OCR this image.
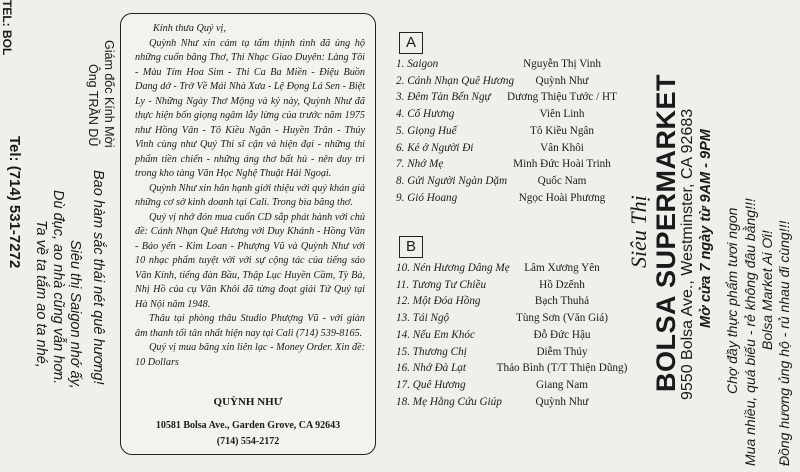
TEL: BOL
Tel: (714) 531-7272
Ta về ta tắm ao ta nhé, Dù đục, ao nhà cũng vẫn hơn. Siêu thị Saigon nhớ ấy, Bao hàm sắc thái nét quê hương!
Ông TRẦN DŨ Giám đốc Kính Mời

Kính thưa Quý vị,

Quỳnh Như xin cảm tạ tấm thịnh tình đã ủng hộ những cuốn băng Thơ, Thi Nhạc Giao Duyên: Làng Tôi - Màu Tím Hoa Sim - Thi Ca Ba Miền - Điệu Buồn Dang dở - Trở Về Mái Nhà Xưa - Lệ Đọng Lá Sen - Biệt Ly - Những Ngày Thơ Mộng và kỷ này, Quỳnh Như đã thực hiện bốn giọng ngâm lẫy lừng của trước năm 1975 như Hồng Vân - Tô Kiều Ngân - Huyền Trân - Thúy Vinh cùng như Quý Thi sĩ cận và hiện đại - những thi phẩm tiền chiến - những áng thơ bất hủ - nên duy trì trong kho tàng Văn Học Nghệ Thuật Hải Ngoại.

Quỳnh Như xin hân hạnh giới thiệu với quý khán giả những cơ sở kinh doanh tại Cali. Trong bìa băng thơ.

Quý vị nhớ đón mua cuốn CD sắp phát hành với chủ đề: Cánh Nhạn Quê Hương với Duy Khánh - Hồng Vân - Bảo yến - Kim Loan - Phượng Vũ và Quỳnh Như với 10 nhạc phẩm tuyệt vời với sự cộng tác của tiếng sáo Văn Kính, tiếng đàn Bầu, Thập Lục Huyền Cầm, Tỳ Bà, Nhị Hồ của cụ Văn Khôi đã từng đoạt giải Tứ Quý tại Hà Nội năm 1948.

Thâu tại phòng thâu Studio Phượng Vũ - với giàn âm thanh tối tân nhất hiện nay tại Cali (714) 539-8165.

Quý vị mua băng xin liên lạc - Money Order. Xin đề: 10 Dollars

QUỲNH NHƯ
10581 Bolsa Ave., Garden Grove, CA 92643
(714) 554-2172
A
1. Saigon	Nguyễn Thị Vinh
2. Cánh Nhạn Quê Hương	Quỳnh Như
3. Đêm Tàn Bến Ngự	Dương Thiệu Tước / HT
4. Cố Hương	Viên Linh
5. Giọng Huế	Tô Kiều Ngân
6. Kẻ ở Người Đi	Vân Khôi
7. Nhớ Mẹ	Minh Đức Hoài Trinh
8. Gửi Người Ngàn Dặm	Quốc Nam
9. Gió Hoang	Ngọc Hoài Phương
B
10. Nén Hương Dâng Mẹ	Lâm Xương Yên
11. Tương Tư Chiều	Hồ Dzếnh
12. Một Đóa Hồng	Bạch Thuhả
13. Tái Ngộ	Tùng Sơn (Văn Giá)
14. Nếu Em Khóc	Đỗ Đức Hậu
15. Thương Chị	Diễm Thúy
16. Nhớ Đà Lạt	Thảo Bình (T/T Thiện Dũng)
17. Quê Hương	Giang Nam
18. Mẹ Hằng Cứu Giúp	Quỳnh Như
Siêu Thị BOLSA SUPERMARKET
9550 Bolsa Ave., Westminster, CA 92683 Mở cửa 7 ngày từ 9AM - 9PM Chợ đầy thực phẩm tươi ngon Mua nhiều, quá biếu - rẻ không đâu bằng!!! Bolsa Market Ai Ơi! Đồng hương ủng hộ - rủ nhau đi cùng!!!
